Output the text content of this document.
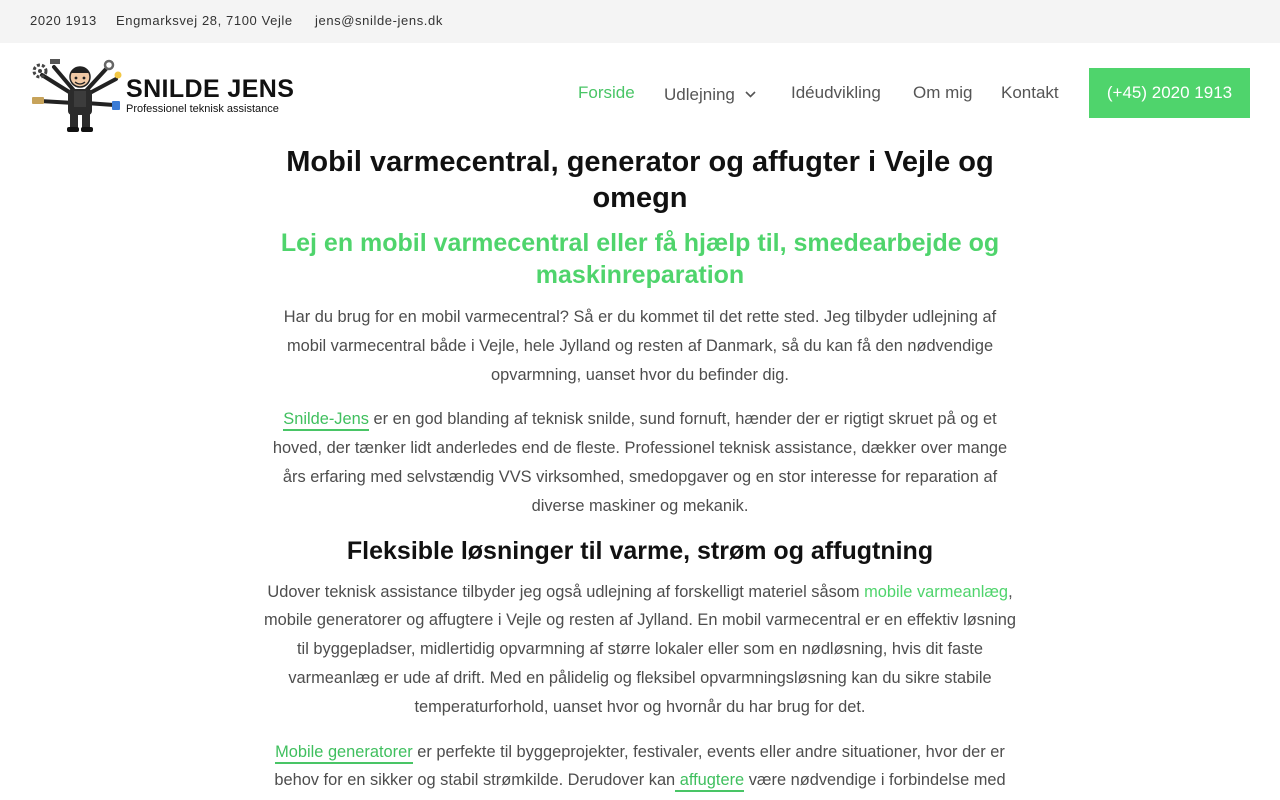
2020 1913 Engmarksvej 28, 7100 Vejle jens@snilde-jens.dk
SNILDE JENS
Professionel teknisk assistance
Forside Udlejning	Idéudvikling Om mig Kontakt	(+45) 2020 1913
Mobil varmecentral, generator og affugter i Vejle og omegn
Lej en mobil varmecentral eller få hjælp til, smedearbejde og maskinreparation

Har du brug for en mobil varmecentral? Så er du kommet til det rette sted. Jeg tilbyder udlejning af mobil varmecentral både i Vejle, hele Jylland og resten af Danmark, så du kan få den nødvendige opvarmning, uanset hvor du befinder dig.

Snilde-Jens er en god blanding af teknisk snilde, sund fornuft, hænder der er rigtigt skruet på og et hoved, der tænker lidt anderledes end de fleste. Professionel teknisk assistance, dækker over mange års erfaring med selvstændig VVS virksomhed, smedopgaver og en stor interesse for reparation af diverse maskiner og mekanik.

Fleksible løsninger til varme, strøm og affugtning

Udover teknisk assistance tilbyder jeg også udlejning af forskelligt materiel såsom mobile varmeanlæg, mobile generatorer og affugtere i Vejle og resten af Jylland. En mobil varmecentral er en effektiv løsning til byggepladser, midlertidig opvarmning af større lokaler eller som en nødløsning, hvis dit faste varmeanlæg er ude af drift. Med en pålidelig og fleksibel opvarmningsløsning kan du sikre stabile temperaturforhold, uanset hvor og hvornår du har brug for det.

Mobile generatorer er perfekte til byggeprojekter, festivaler, events eller andre situationer, hvor der er behov for en sikker og stabil strømkilde. Derudover kan affugtere være nødvendige i forbindelse med
